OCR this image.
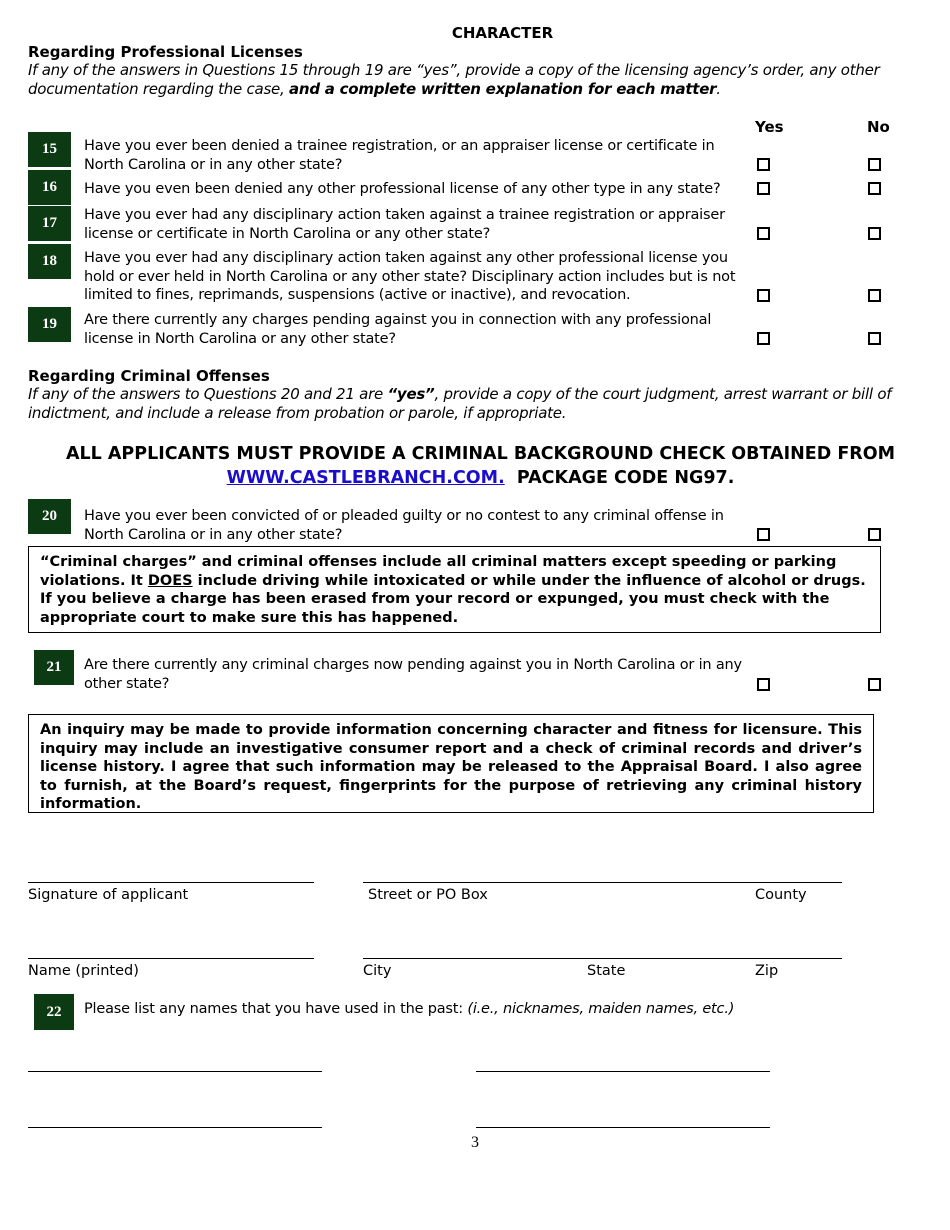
CHARACTER
Regarding Professional Licenses
If any of the answers in Questions 15 through 19 are “yes”, provide a copy of the licensing agency’s order, any other documentation regarding the case, and a complete written explanation for each matter.
Yes	No
15	Have you ever been denied a trainee registration, or an appraiser license or certificate in North Carolina or in any other state?
16	Have you even been denied any other professional license of any other type in any state?
17	Have you ever had any disciplinary action taken against a trainee registration or appraiser license or certificate in North Carolina or any other state?
18	Have you ever had any disciplinary action taken against any other professional license you hold or ever held in North Carolina or any other state? Disciplinary action includes but is not limited to fines, reprimands, suspensions (active or inactive), and revocation.
19	Are there currently any charges pending against you in connection with any professional license in North Carolina or any other state?
Regarding Criminal Offenses
If any of the answers to Questions 20 and 21 are “yes”, provide a copy of the court judgment, arrest warrant or bill of indictment, and include a release from probation or parole, if appropriate.
ALL APPLICANTS MUST PROVIDE A CRIMINAL BACKGROUND CHECK OBTAINED FROM
WWW.CASTLEBRANCH.COM. PACKAGE CODE NG97.
20	Have you ever been convicted of or pleaded guilty or no contest to any criminal offense in North Carolina or in any other state?
“Criminal charges” and criminal offenses include all criminal matters except speeding or parking violations. It DOES include driving while intoxicated or while under the influence of alcohol or drugs. If you believe a charge has been erased from your record or expunged, you must check with the appropriate court to make sure this has happened.
21	Are there currently any criminal charges now pending against you in North Carolina or in any other state?
An inquiry may be made to provide information concerning character and fitness for licensure. This inquiry may include an investigative consumer report and a check of criminal records and driver’s license history. I agree that such information may be released to the Appraisal Board. I also agree to furnish, at the Board’s request, fingerprints for the purpose of retrieving any criminal history information.
Signature of applicant	Street or PO Box	County
Name (printed)	City	State	Zip
22	Please list any names that you have used in the past: (i.e., nicknames, maiden names, etc.)
3
